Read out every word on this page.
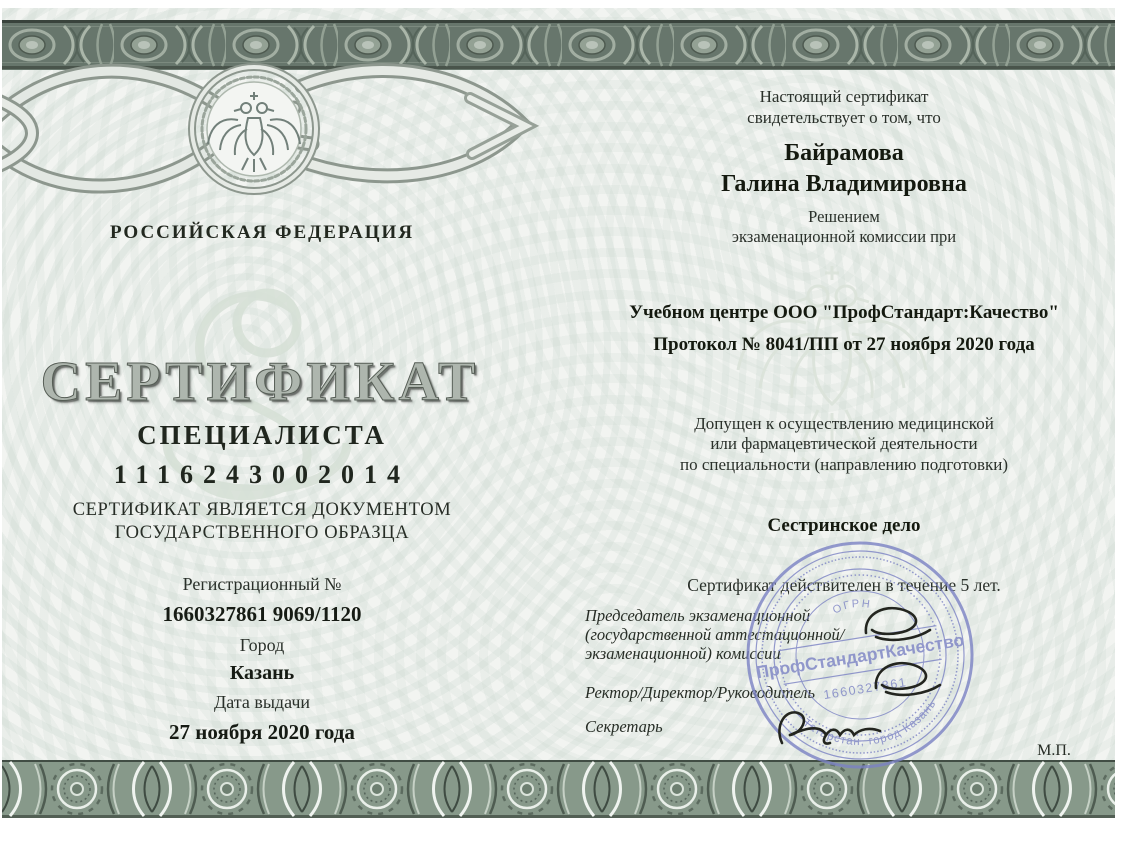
РОССИЙСКАЯ ФЕДЕРАЦИЯ
СЕРТИФИКАТ
СПЕЦИАЛИСТА
1116243002014
СЕРТИФИКАТ ЯВЛЯЕТСЯ ДОКУМЕНТОМ
ГОСУДАРСТВЕННОГО ОБРАЗЦА
Регистрационный №
1660327861 9069/1120
Город
Казань
Дата выдачи
27 ноября 2020 года
Настоящий сертификат
свидетельствует о том, что
Байрамова
Галина Владимировна
Решением
экзаменационной комиссии при
Учебном центре ООО "ПрофСтандарт:Качество"
Протокол № 8041/ПП от 27 ноября 2020 года
Допущен к осуществлению медицинской
или фармацевтической деятельности
по специальности (направлению подготовки)
Сестринское дело
Сертификат действителен в течение 5 лет.
Председатель экзаменационной
(государственной аттестационной/
экзаменационной) комиссии
Ректор/Директор/Руководитель
Секретарь
М.П.
ОГРН
ПрофСтандартКачество
1660327861
Татарстан, город Казань
